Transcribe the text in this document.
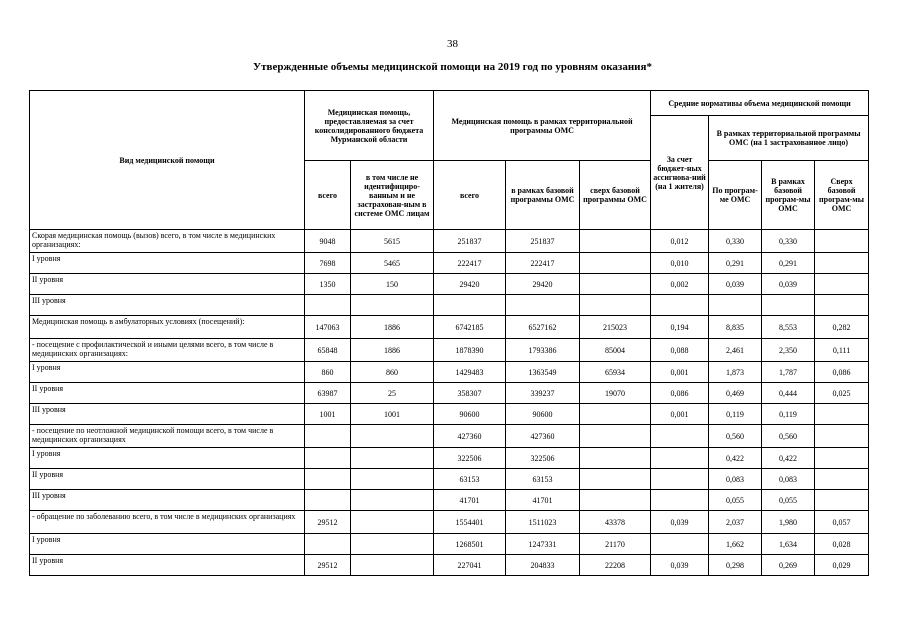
38
Утвержденные объемы медицинской помощи на 2019 год по уровням оказания*
Вид медицинской помощи	Медицинская помощь, предоставляемая за счет консолидированного бюджета Мурманской области		Медицинская помощь в рамках территориальной программы ОМС			Средние нормативы объема медицинской помощи			
						За счет бюджет-ных ассигнова-ний (на 1 жителя)	В рамках территориальной программы ОМС (на 1 застрахованное лицо)		
	всего	в том числе не идентифициро-ванным и не застрахован-ным в системе ОМС лицам	всего	в рамках базовой программы ОМС	сверх базовой программы ОМС		По програм-ме ОМС	В рамках базовой програм-мы ОМС	Сверх базовой програм-мы ОМС
Скорая медицинская помощь (вызов) всего, в том числе в медицинских организациях:	9048	5615	251837	251837		0,012	0,330	0,330	
I уровня	7698	5465	222417	222417		0,010	0,291	0,291	
II уровня	1350	150	29420	29420		0,002	0,039	0,039	
III уровня									
Медицинская помощь в амбулаторных условиях (посещений):	147063	1886	6742185	6527162	215023	0,194	8,835	8,553	0,282
- посещение с профилактической и иными целями всего, в том числе в медицинских организациях:	65848	1886	1878390	1793386	85004	0,088	2,461	2,350	0,111
I уровня	860	860	1429483	1363549	65934	0,001	1,873	1,787	0,086
II уровня	63987	25	358307	339237	19070	0,086	0,469	0,444	0,025
III уровня	1001	1001	90600	90600		0,001	0,119	0,119	
- посещение по неотложной медицинской помощи всего, в том числе в медицинских организациях			427360	427360			0,560	0,560	
I уровня			322506	322506			0,422	0,422	
II уровня			63153	63153			0,083	0,083	
III уровня			41701	41701			0,055	0,055	
- обращение по заболеванию всего, в том числе в медицинских организациях	29512		1554401	1511023	43378	0,039	2,037	1,980	0,057
I уровня			1268501	1247331	21170		1,662	1,634	0,028
II уровня	29512		227041	204833	22208	0,039	0,298	0,269	0,029
